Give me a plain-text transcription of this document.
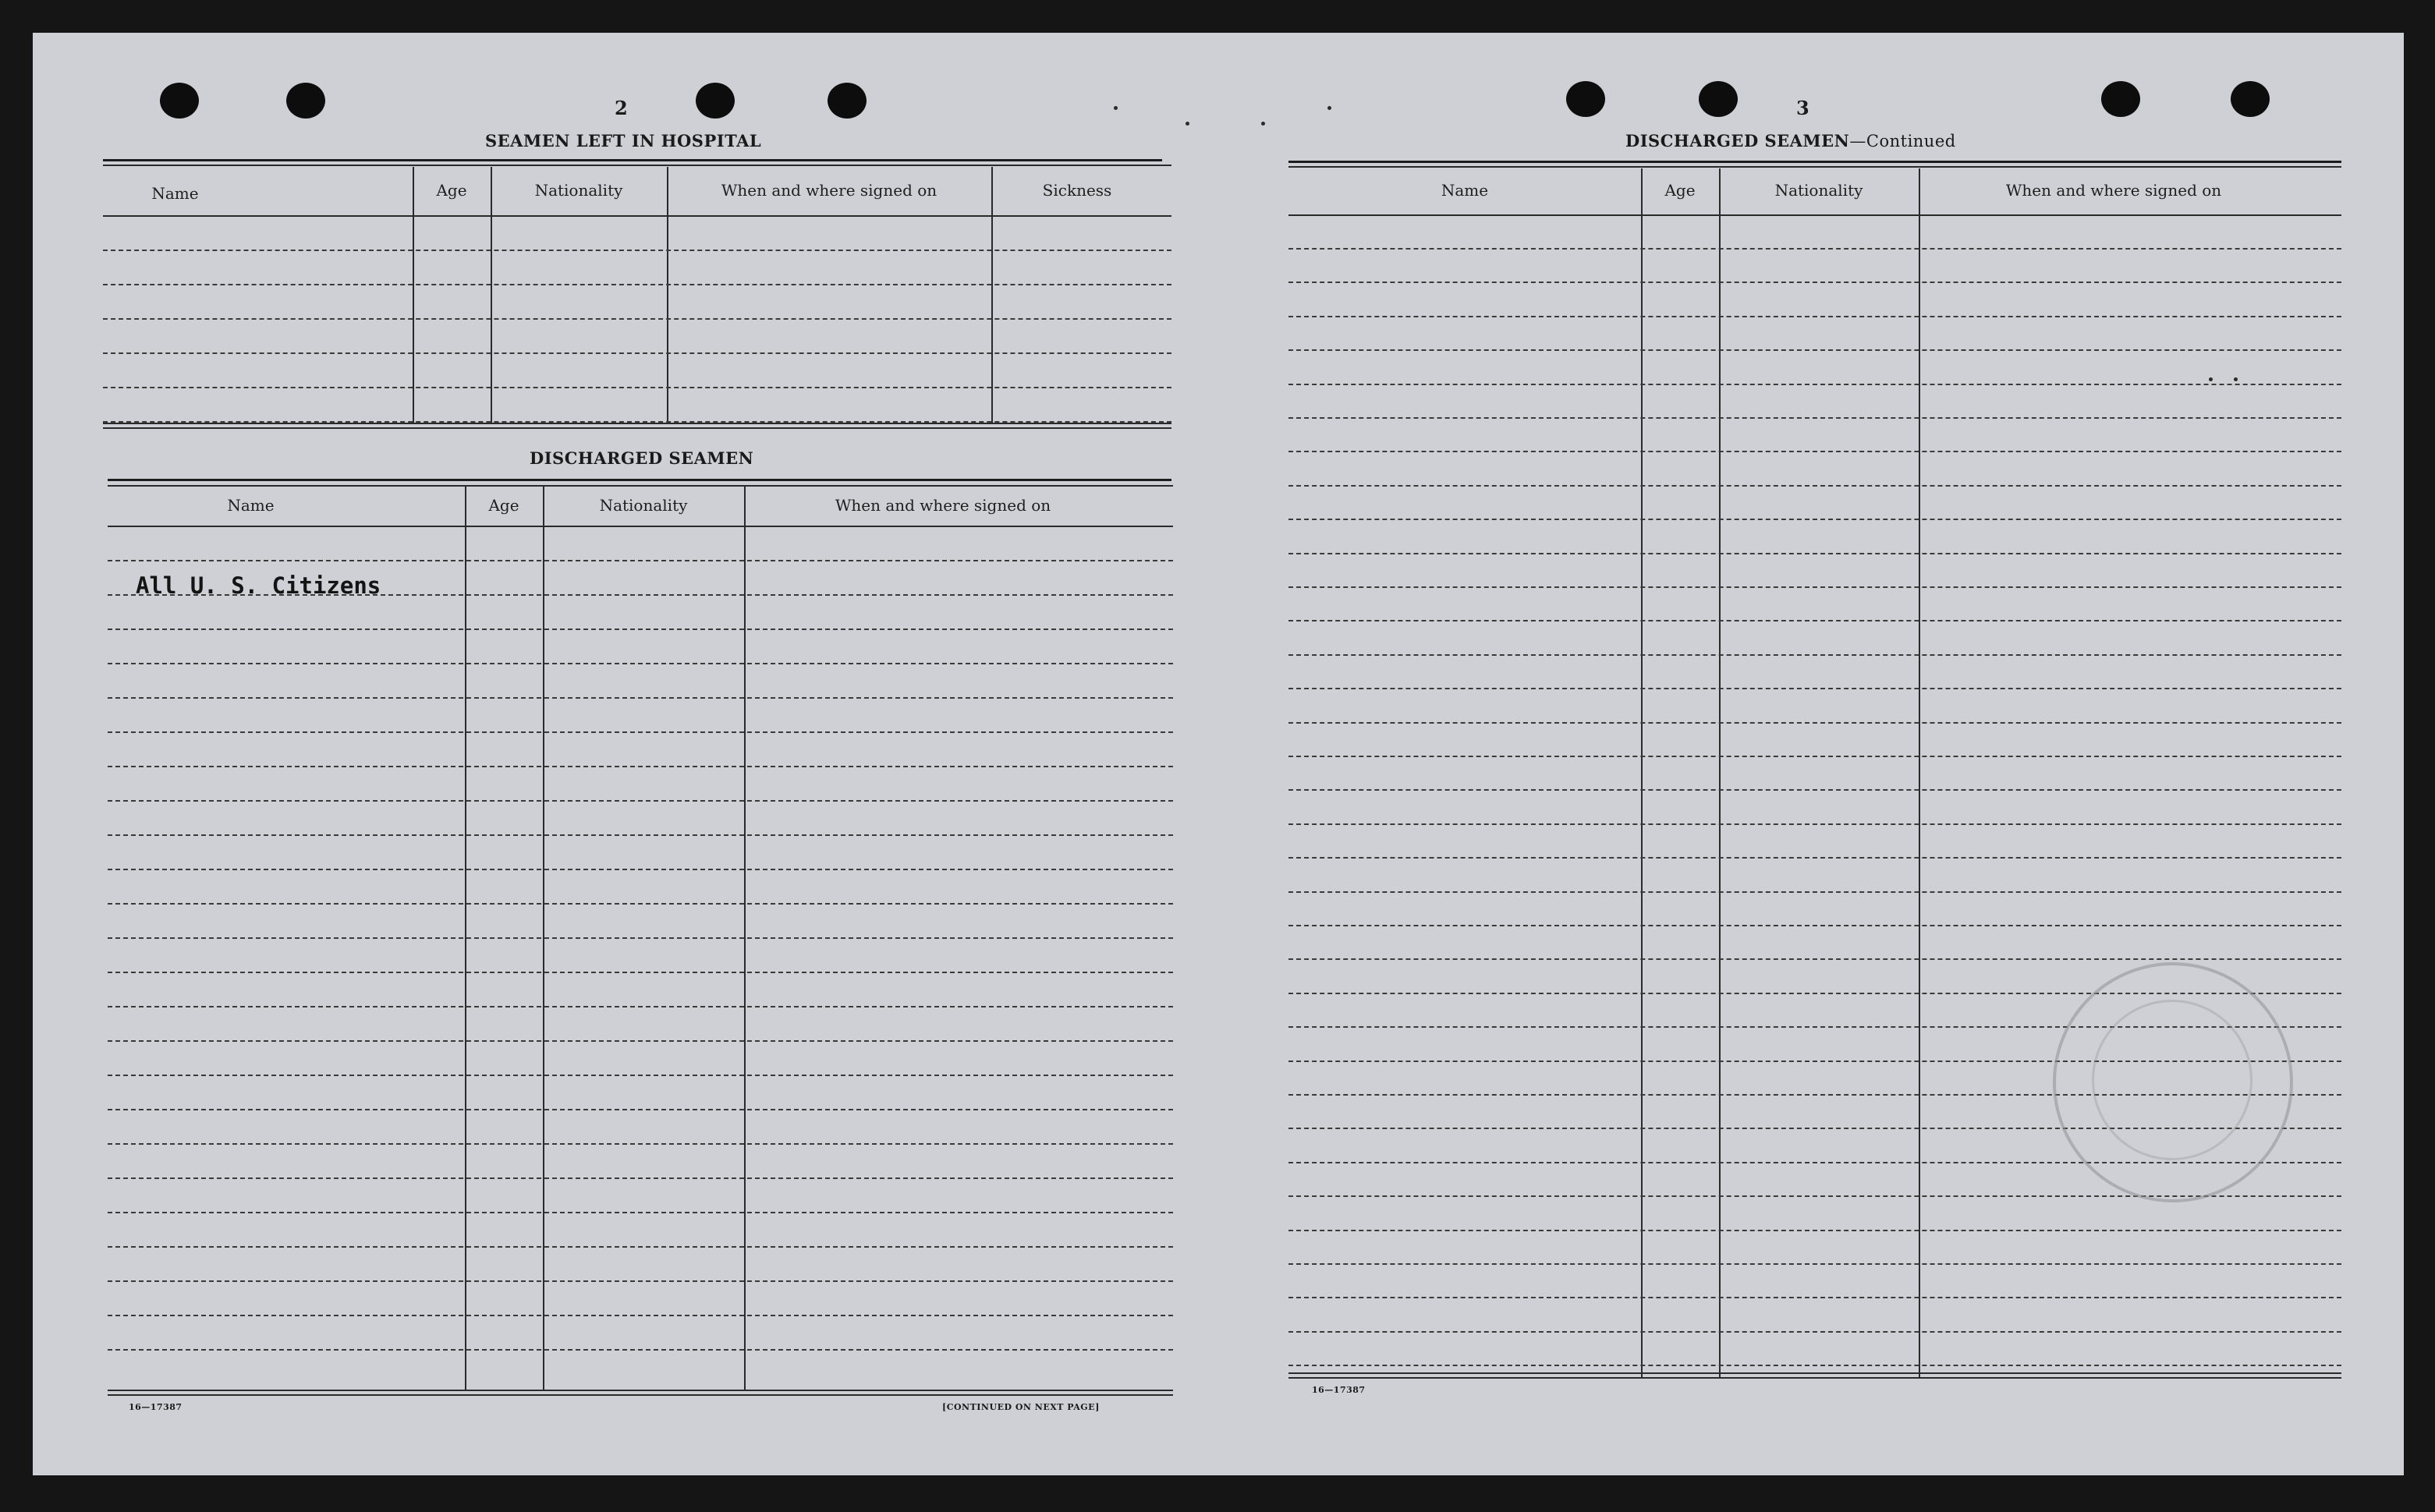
2
SEAMEN LEFT IN HOSPITAL
Name	Age	Nationality	When and where signed on	Sickness
DISCHARGED SEAMEN
Name	Age	Nationality	When and where signed on
All U. S. Citizens
16—17387	[CONTINUED ON NEXT PAGE]
3
DISCHARGED SEAMEN—Continued
Name	Age	Nationality	When and where signed on
16—17387
